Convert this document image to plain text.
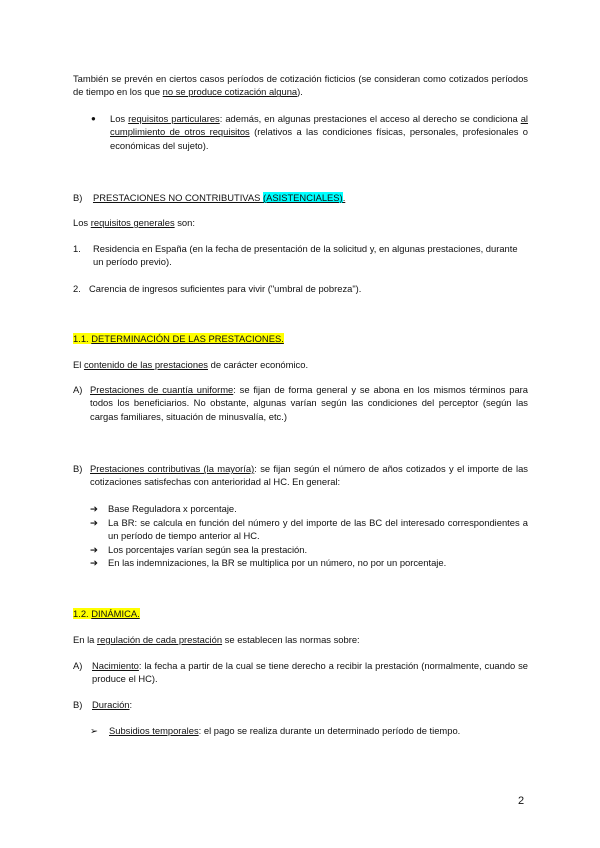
También se prevén en ciertos casos períodos de cotización ficticios (se consideran como cotizados períodos de tiempo en los que no se produce cotización alguna).
● Los requisitos particulares: además, en algunas prestaciones el acceso al derecho se condiciona al cumplimiento de otros requisitos (relativos a las condiciones físicas, personales, profesionales o económicas del sujeto).
B) PRESTACIONES NO CONTRIBUTIVAS (ASISTENCIALES).
Los requisitos generales son:
1. Residencia en España (en la fecha de presentación de la solicitud y, en algunas prestaciones, durante un período previo).
2. Carencia de ingresos suficientes para vivir ("umbral de pobreza").
1.1. DETERMINACIÓN DE LAS PRESTACIONES.
El contenido de las prestaciones de carácter económico.
A) Prestaciones de cuantía uniforme: se fijan de forma general y se abona en los mismos términos para todos los beneficiarios. No obstante, algunas varían según las condiciones del perceptor (según las cargas familiares, situación de minusvalía, etc.)
B) Prestaciones contributivas (la mayoría): se fijan según el número de años cotizados y el importe de las cotizaciones satisfechas con anterioridad al HC. En general:
➔ Base Reguladora x porcentaje.
➔ La BR: se calcula en función del número y del importe de las BC del interesado correspondientes a un período de tiempo anterior al HC.
➔ Los porcentajes varían según sea la prestación.
➔ En las indemnizaciones, la BR se multiplica por un número, no por un porcentaje.
1.2. DINÁMICA.
En la regulación de cada prestación se establecen las normas sobre:
A) Nacimiento: la fecha a partir de la cual se tiene derecho a recibir la prestación (normalmente, cuando se produce el HC).
B) Duración:
➢ Subsidios temporales: el pago se realiza durante un determinado período de tiempo.
2
